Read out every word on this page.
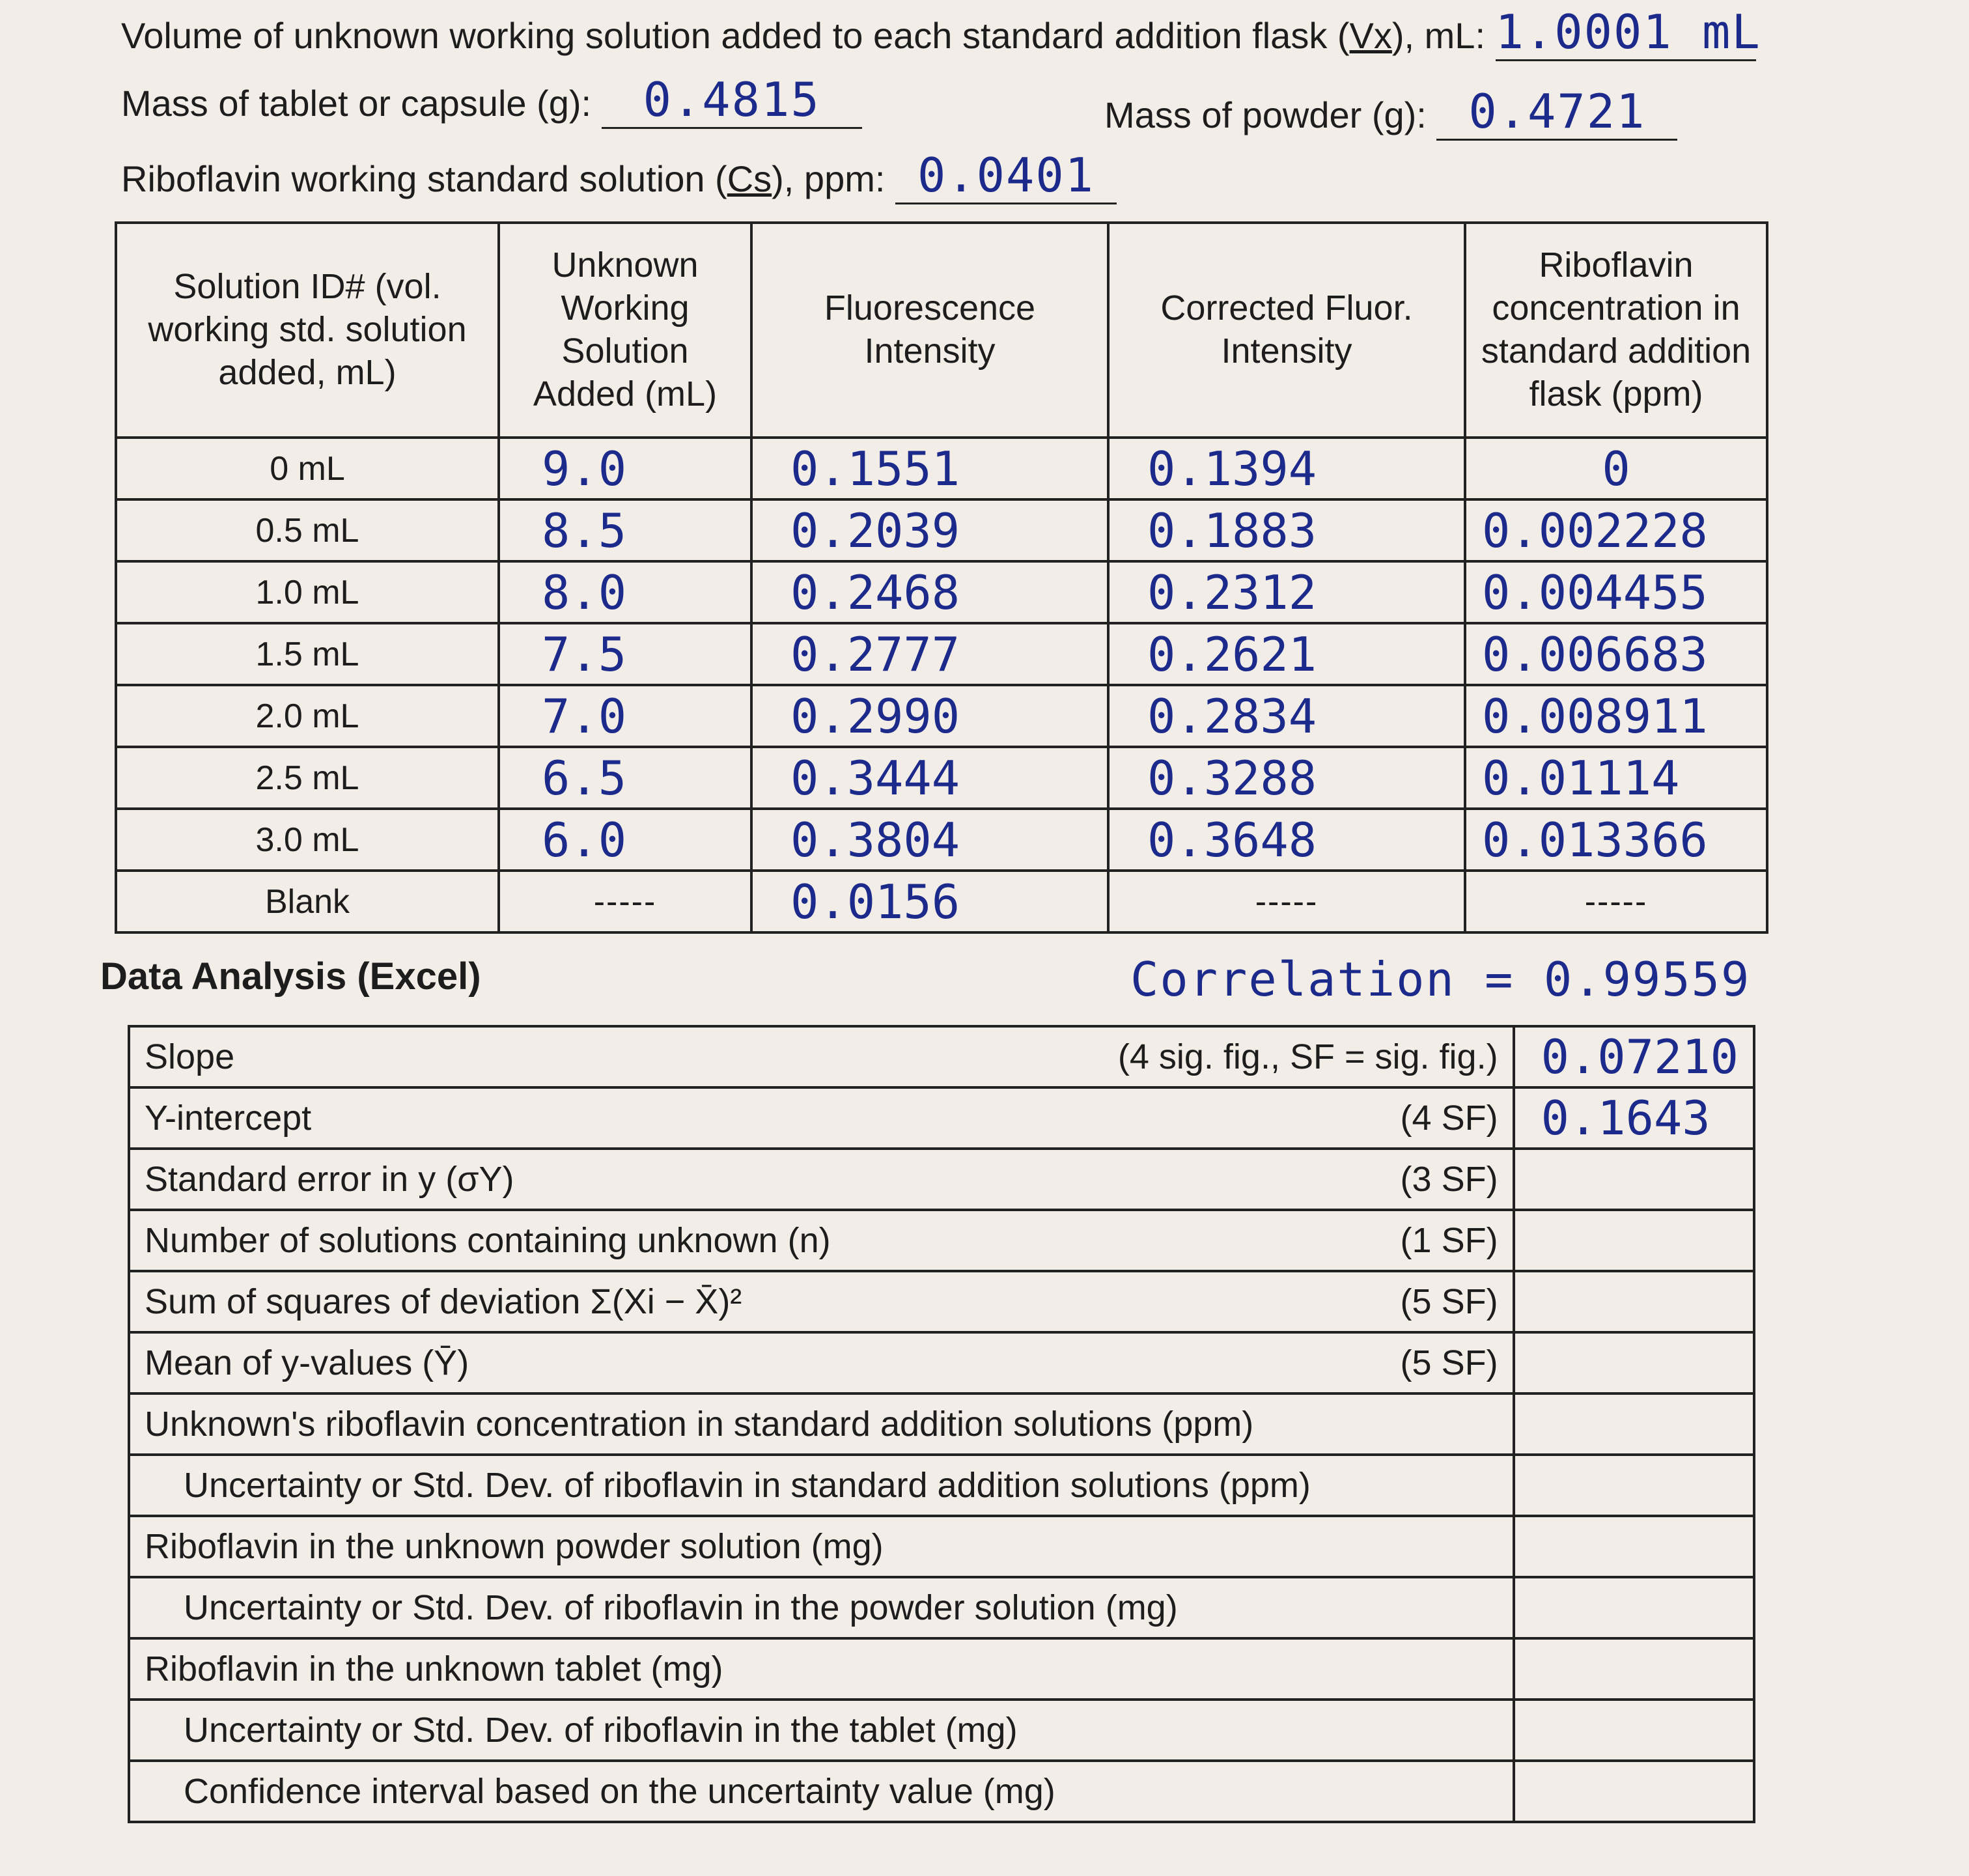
Volume of unknown working solution added to each standard addition flask (Vx), mL: 1.0001 mL
Mass of tablet or capsule (g): 0.4815	Mass of powder (g): 0.4721
Riboflavin working standard solution (Cs), ppm: 0.0401
Solution ID# (vol. working std. solution added, mL)	Unknown Working Solution Added (mL)	Fluorescence Intensity	Corrected Fluor. Intensity	Riboflavin concentration in standard addition flask (ppm)
0 mL	9.0	0.1551	0.1394	0
0.5 mL	8.5	0.2039	0.1883	0.002228
1.0 mL	8.0	0.2468	0.2312	0.004455
1.5 mL	7.5	0.2777	0.2621	0.006683
2.0 mL	7.0	0.2990	0.2834	0.008911
2.5 mL	6.5	0.3444	0.3288	0.01114
3.0 mL	6.0	0.3804	0.3648	0.013366
Blank	-----	0.0156	-----	-----
Data Analysis (Excel)	Correlation = 0.99559
Slope (4 sig. fig., SF = sig. fig.)	0.07210
Y-intercept (4 SF)	0.1643
Standard error in y (σY) (3 SF)	

Number of solutions containing unknown (n) (1 SF)	

Sum of squares of deviation Σ(Xi − X̄)² (5 SF)	

Mean of y-values (Ȳ) (5 SF)	

Unknown's riboflavin concentration in standard addition solutions (ppm)	
Uncertainty or Std. Dev. of riboflavin in standard addition solutions (ppm)	
Riboflavin in the unknown powder solution (mg)	
Uncertainty or Std. Dev. of riboflavin in the powder solution (mg)	
Riboflavin in the unknown tablet (mg)	
Uncertainty or Std. Dev. of riboflavin in the tablet (mg)	
Confidence interval based on the uncertainty value (mg)	
